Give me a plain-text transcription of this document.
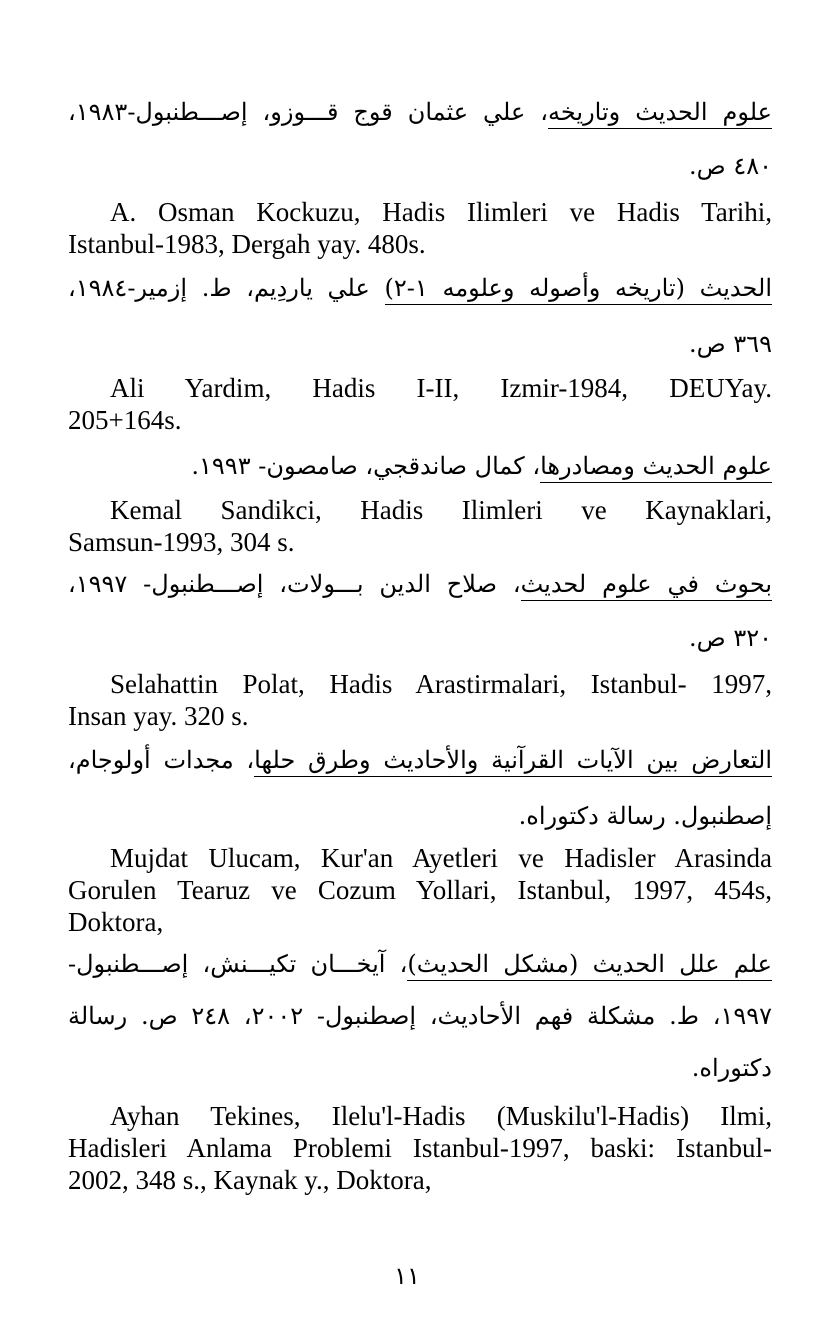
علوم الحديث وتاريخه، علي عثمان قوج قـــوزو، إصـــطنبول-١٩٨٣،
٤٨٠ ص.
A. Osman Kockuzu, Hadis Ilimleri ve Hadis Tarihi,
Istanbul-1983, Dergah yay. 480s.
الحديث (تاريخه وأصوله وعلومه ١-٢) علي ياردِيم، ط. إزمير-١٩٨٤،
٣٦٩ ص.
Ali Yardim, Hadis I-II, Izmir-1984, DEUYay.
205+164s.
علوم الحديث ومصادرها، كمال صاندقجي، صامصون- ١٩٩٣.
Kemal Sandikci, Hadis Ilimleri ve Kaynaklari,
Samsun-1993, 304 s.
بحوث في علوم لحديث، صلاح الدين بـــولات، إصـــطنبول- ١٩٩٧،
٣٢٠ ص.
Selahattin Polat, Hadis Arastirmalari, Istanbul- 1997,
Insan yay. 320 s.
التعارض بين الآيات القرآنية والأحاديث وطرق حلها، مجدات أولوجام،
إصطنبول. رسالة دكتوراه.
Mujdat Ulucam, Kur'an Ayetleri ve Hadisler Arasinda
Gorulen Tearuz ve Cozum Yollari, Istanbul, 1997, 454s,
Doktora,
علم علل الحديث (مشكل الحديث)، آيخـــان تكيـــنش، إصـــطنبول-
١٩٩٧، ط. مشكلة فهم الأحاديث، إصطنبول- ٢٠٠٢، ٢٤٨ ص. رسالة
دكتوراه.
Ayhan Tekines, Ilelu'l-Hadis (Muskilu'l-Hadis) Ilmi,
Hadisleri Anlama Problemi Istanbul-1997, baski: Istanbul-
2002, 348 s., Kaynak y., Doktora,
١١
